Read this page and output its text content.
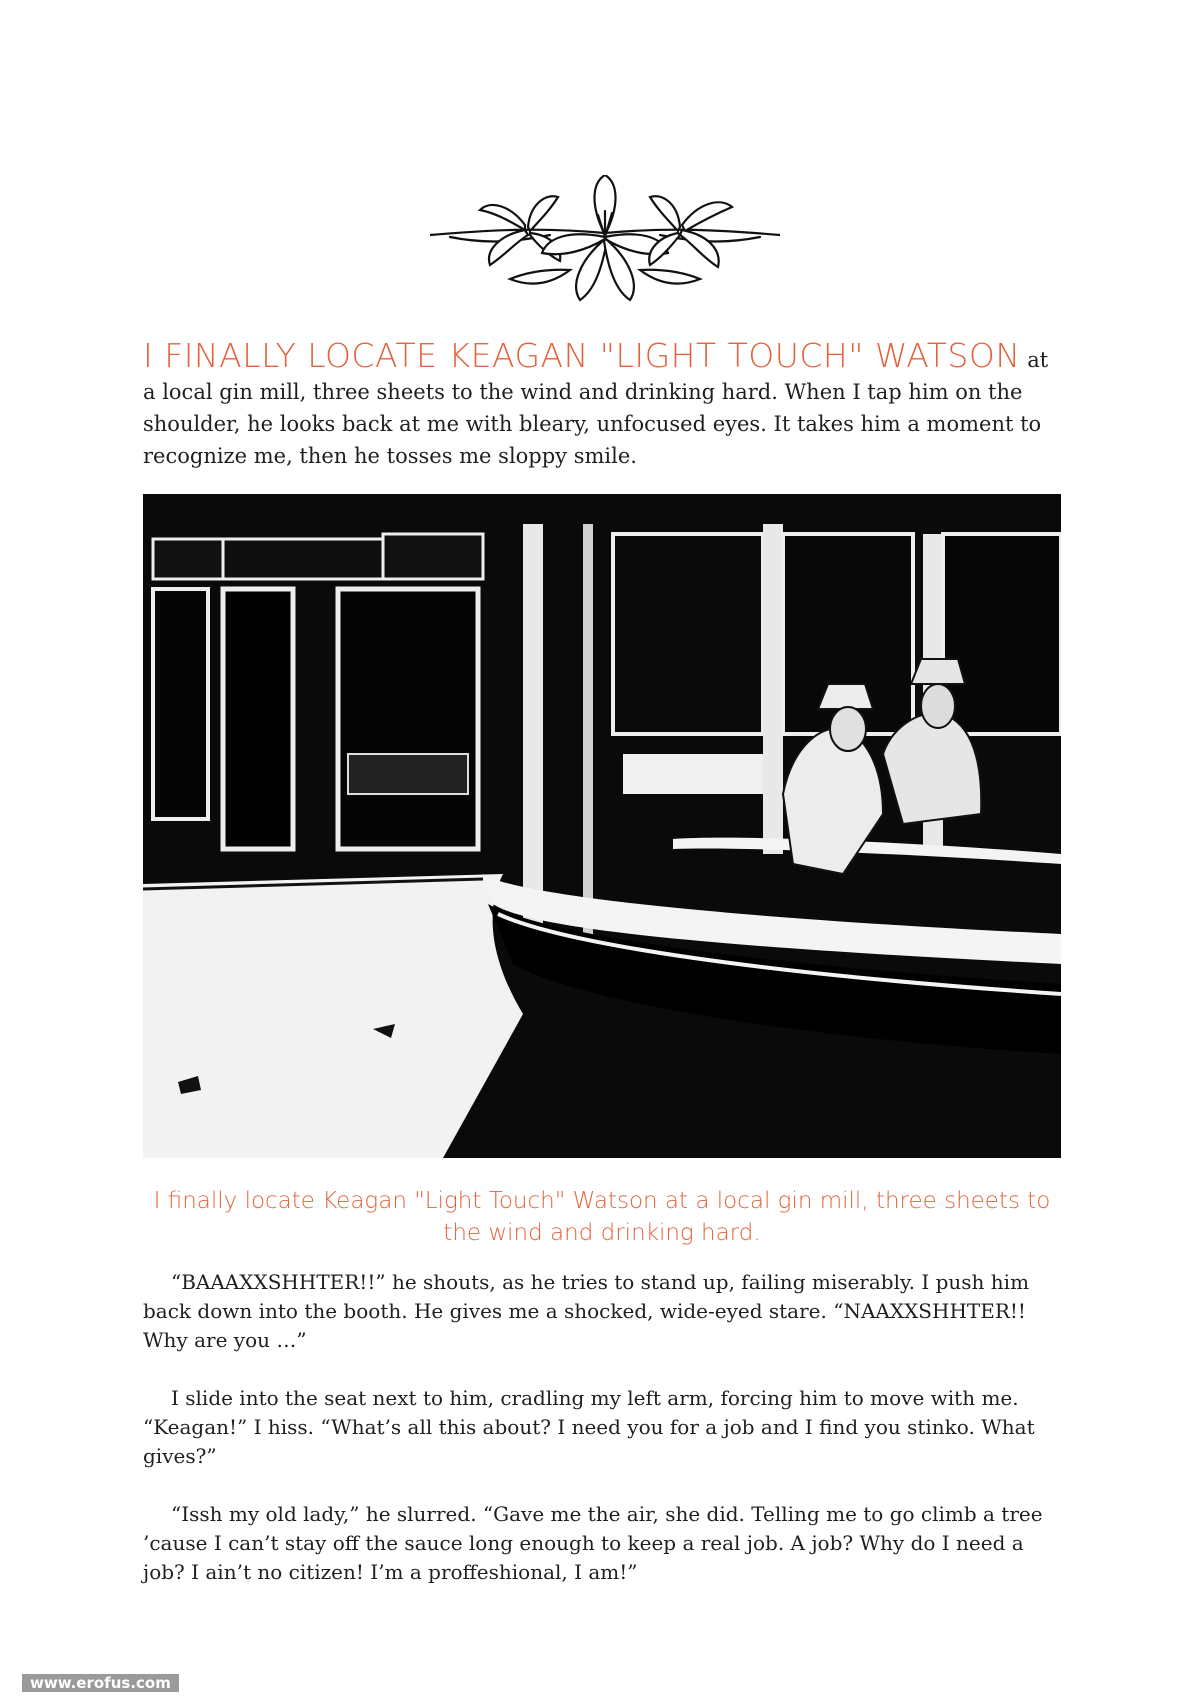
I FINALLY LOCATE KEAGAN "LIGHT TOUCH" WATSON at a local gin mill, three sheets to the wind and drinking hard. When I tap him on the shoulder, he looks back at me with bleary, unfocused eyes. It takes him a moment to recognize me, then he tosses me sloppy smile.
I finally locate Keagan "Light Touch" Watson at a local gin mill, three sheets to the wind and drinking hard.

“BAAAXXSHHTER!!” he shouts, as he tries to stand up, failing miserably. I push him back down into the booth. He gives me a shocked, wide-eyed stare. “NAAXXSHHTER!! Why are you …”

I slide into the seat next to him, cradling my left arm, forcing him to move with me. “Keagan!” I hiss. “What’s all this about? I need you for a job and I find you stinko. What gives?”

“Issh my old lady,” he slurred. “Gave me the air, she did. Telling me to go climb a tree ’cause I can’t stay off the sauce long enough to keep a real job. A job? Why do I need a job? I ain’t no citizen! I’m a proffeshional, I am!”

www.erofus.com
